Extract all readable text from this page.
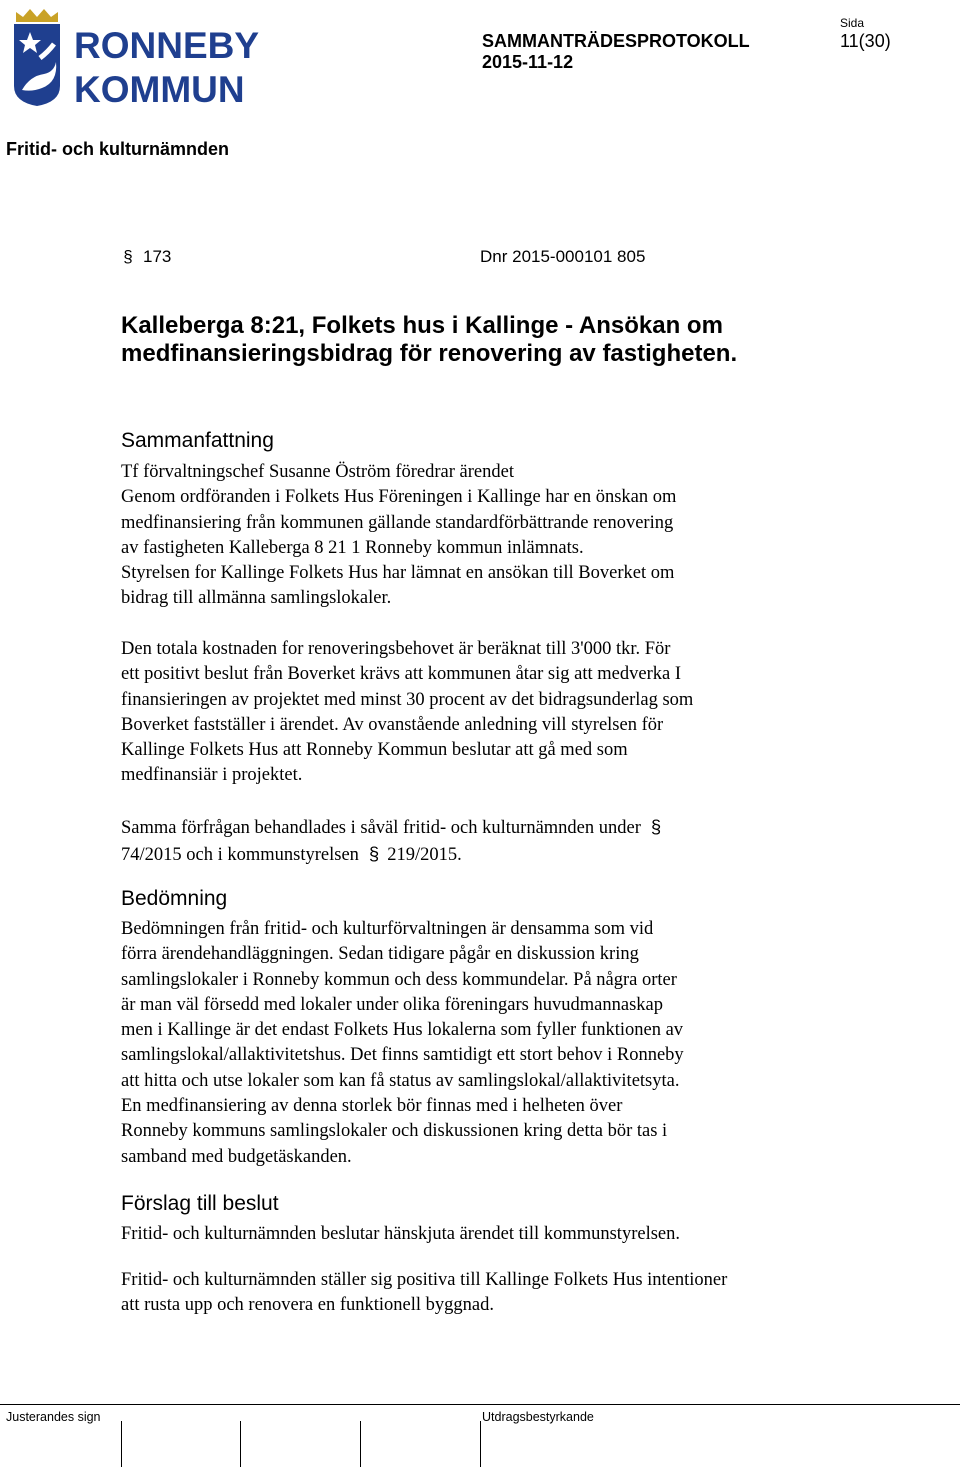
RONNEBY
KOMMUN
SAMMANTRÄDESPROTOKOLL
2015-11-12
Sida
11(30)
Fritid- och kulturnämnden
§ 173	Dnr 2015-000101 805
Kalleberga 8:21, Folkets hus i Kallinge - Ansökan om
medfinansieringsbidrag för renovering av fastigheten.
Sammanfattning
Tf förvaltningschef Susanne Öström föredrar ärendet
Genom ordföranden i Folkets Hus Föreningen i Kallinge har en önskan om
medfinansiering från kommunen gällande standardförbättrande renovering
av fastigheten Kalleberga 8 21 1 Ronneby kommun inlämnats.
Styrelsen for Kallinge Folkets Hus har lämnat en ansökan till Boverket om
bidrag till allmänna samlingslokaler.
Den totala kostnaden for renoveringsbehovet är beräknat till 3'000 tkr. För
ett positivt beslut från Boverket krävs att kommunen åtar sig att medverka I
finansieringen av projektet med minst 30 procent av det bidragsunderlag som
Boverket fastställer i ärendet. Av ovanstående anledning vill styrelsen för
Kallinge Folkets Hus att Ronneby Kommun beslutar att gå med som
medfinansiär i projektet.
Samma förfrågan behandlades i såväl fritid- och kulturnämnden under §
74/2015 och i kommunstyrelsen § 219/2015.
Bedömning
Bedömningen från fritid- och kulturförvaltningen är densamma som vid
förra ärendehandläggningen. Sedan tidigare pågår en diskussion kring
samlingslokaler i Ronneby kommun och dess kommundelar. På några orter
är man väl försedd med lokaler under olika föreningars huvudmannaskap
men i Kallinge är det endast Folkets Hus lokalerna som fyller funktionen av
samlingslokal/allaktivitetshus. Det finns samtidigt ett stort behov i Ronneby
att hitta och utse lokaler som kan få status av samlingslokal/allaktivitetsyta.
En medfinansiering av denna storlek bör finnas med i helheten över
Ronneby kommuns samlingslokaler och diskussionen kring detta bör tas i
samband med budgetäskanden.
Förslag till beslut
Fritid- och kulturnämnden beslutar hänskjuta ärendet till kommunstyrelsen.
Fritid- och kulturnämnden ställer sig positiva till Kallinge Folkets Hus intentioner
att rusta upp och renovera en funktionell byggnad.
Justerandes sign	Utdragsbestyrkande
